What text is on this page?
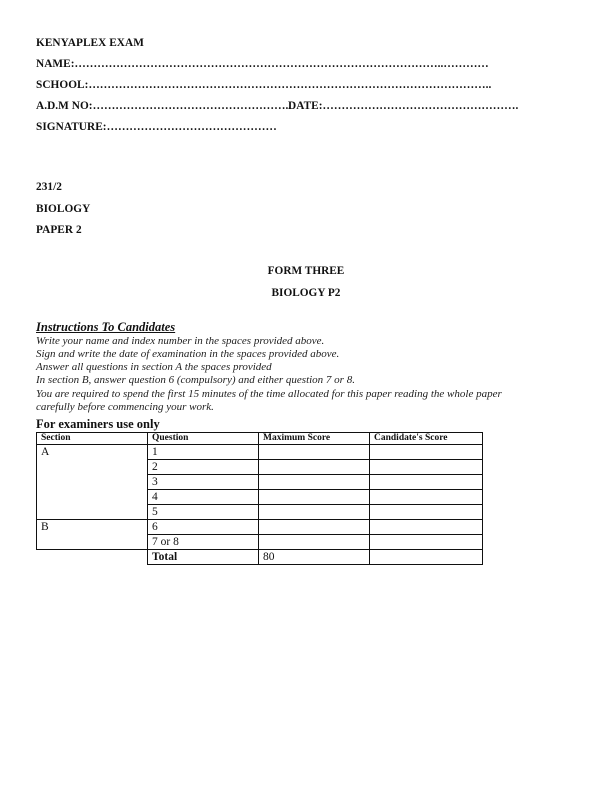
KENYAPLEX EXAM
NAME:……………………………………………………………………………………..…………
SCHOOL:……………………………………………………………………………………………..
A.D.M NO:……………………………………………..
DATE:…………………………………………….
SIGNATURE:………………………………………
231/2
BIOLOGY
PAPER 2
FORM THREE
BIOLOGY P2
Instructions To Candidates
Write your name and index number in the spaces provided above.
Sign and write the date of examination in the spaces provided above.
Answer all questions in section A the spaces provided
In section B, answer question 6 (compulsory) and either question 7 or 8.
You are required to spend the first 15 minutes of the time allocated for this paper reading the whole paper
carefully before commencing your work.
For examiners use only
Section	Question	Maximum Score	Candidate's Score
A	1		
	2		
	3		
	4		
	5		
B	6		
	7 or 8		
	Total	80	
